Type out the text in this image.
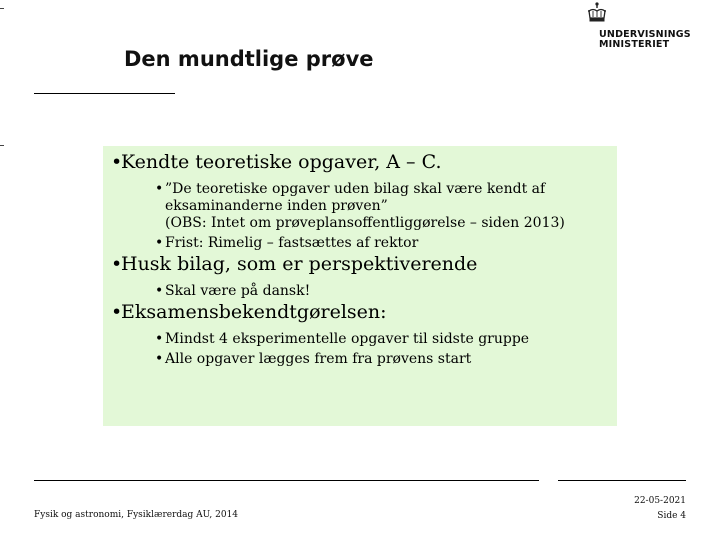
UNDERVISNINGS
MINISTERIET
Den mundtlige prøve
•
Kendte teoretiske opgaver, A – C.
• ”De teoretiske opgaver uden bilag skal være kendt af
eksaminanderne inden prøven”
(OBS: Intet om prøveplansoffentliggørelse – siden 2013)
• Frist: Rimelig – fastsættes af rektor
•
Husk bilag, som er perspektiverende
• Skal være på dansk!
•
Eksamensbekendtgørelsen:
• Mindst 4 eksperimentelle opgaver til sidste gruppe
• Alle opgaver lægges frem fra prøvens start
Fysik og astronomi, Fysiklærerdag AU, 2014
22-05-2021
Side 4
